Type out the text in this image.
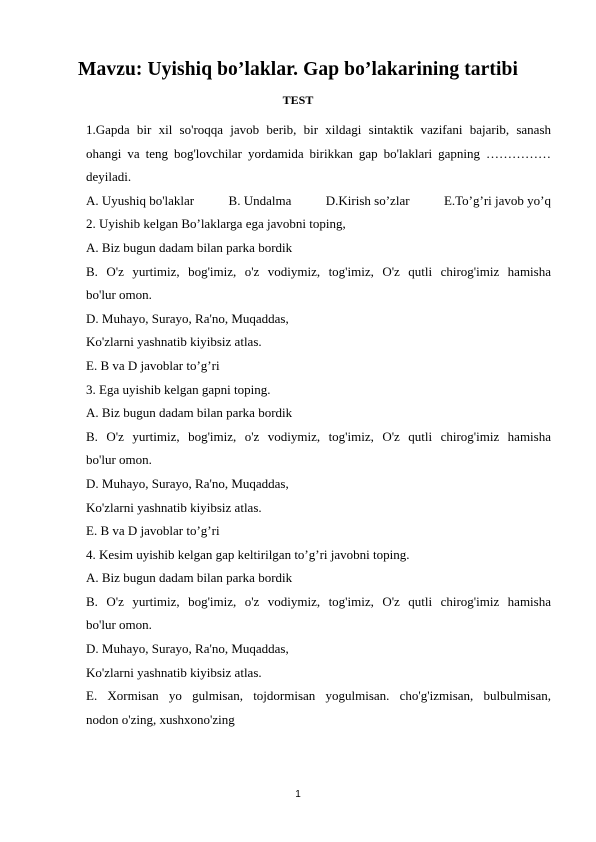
Mavzu: Uyishiq bo’laklar. Gap bo’lakarining tartibi
TEST

1.Gapda bir xil so'roqqa javob berib, bir xildagi sintaktik vazifani bajarib, sanash

ohangi va teng bog'lovchilar yordamida birikkan gap bo'laklari gapning ……………

deyiladi.

A. Uyushiq bo'laklar	B. Undalma	D.Kirish so’zlar	E.To’g’ri javob yo’q

2. Uyishib kelgan Bo’laklarga ega javobni toping,

A. Biz bugun dadam bilan parka bordik

B. O'z yurtimiz, bog'imiz, o'z vodiymiz, tog'imiz, O'z qutli chirog'imiz hamisha

bo'lur omon.

D. Muhayo, Surayo, Ra'no, Muqaddas,

Ko'zlarni yashnatib kiyibsiz atlas.

E. B va D javoblar to’g’ri

3. Ega uyishib kelgan gapni toping.

A. Biz bugun dadam bilan parka bordik

B. O'z yurtimiz, bog'imiz, o'z vodiymiz, tog'imiz, O'z qutli chirog'imiz hamisha

bo'lur omon.

D. Muhayo, Surayo, Ra'no, Muqaddas,

Ko'zlarni yashnatib kiyibsiz atlas.

E. B va D javoblar to’g’ri

4. Kesim uyishib kelgan gap keltirilgan to’g’ri javobni toping.

A. Biz bugun dadam bilan parka bordik

B. O'z yurtimiz, bog'imiz, o'z vodiymiz, tog'imiz, O'z qutli chirog'imiz hamisha

bo'lur omon.

D. Muhayo, Surayo, Ra'no, Muqaddas,

Ko'zlarni yashnatib kiyibsiz atlas.

E. Xormisan yo gulmisan, tojdormisan yogulmisan. cho'g'izmisan, bulbulmisan,

nodon o'zing, xushxono'zing

1
